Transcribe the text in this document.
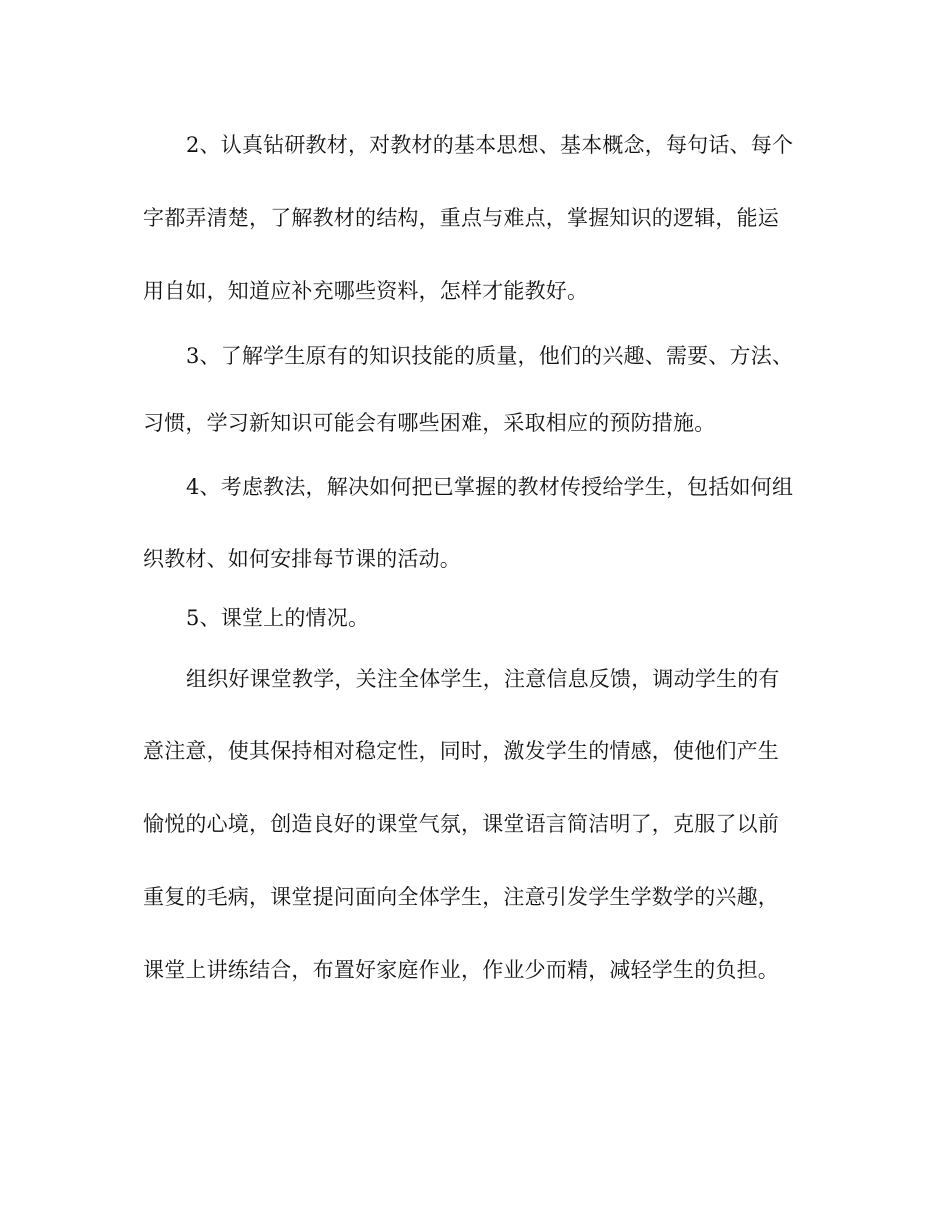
2、认真钻研教材，对教材的基本思想、基本概念，每句话、每个
字都弄清楚，了解教材的结构，重点与难点，掌握知识的逻辑，能运
用自如，知道应补充哪些资料，怎样才能教好。
3、了解学生原有的知识技能的质量，他们的兴趣、需要、方法、
习惯，学习新知识可能会有哪些困难，采取相应的预防措施。
4、考虑教法，解决如何把已掌握的教材传授给学生，包括如何组
织教材、如何安排每节课的活动。
5、课堂上的情况。
组织好课堂教学，关注全体学生，注意信息反馈，调动学生的有
意注意，使其保持相对稳定性，同时，激发学生的情感，使他们产生
愉悦的心境，创造良好的课堂气氛，课堂语言简洁明了，克服了以前
重复的毛病，课堂提问面向全体学生，注意引发学生学数学的兴趣，
课堂上讲练结合，布置好家庭作业，作业少而精，减轻学生的负担。
